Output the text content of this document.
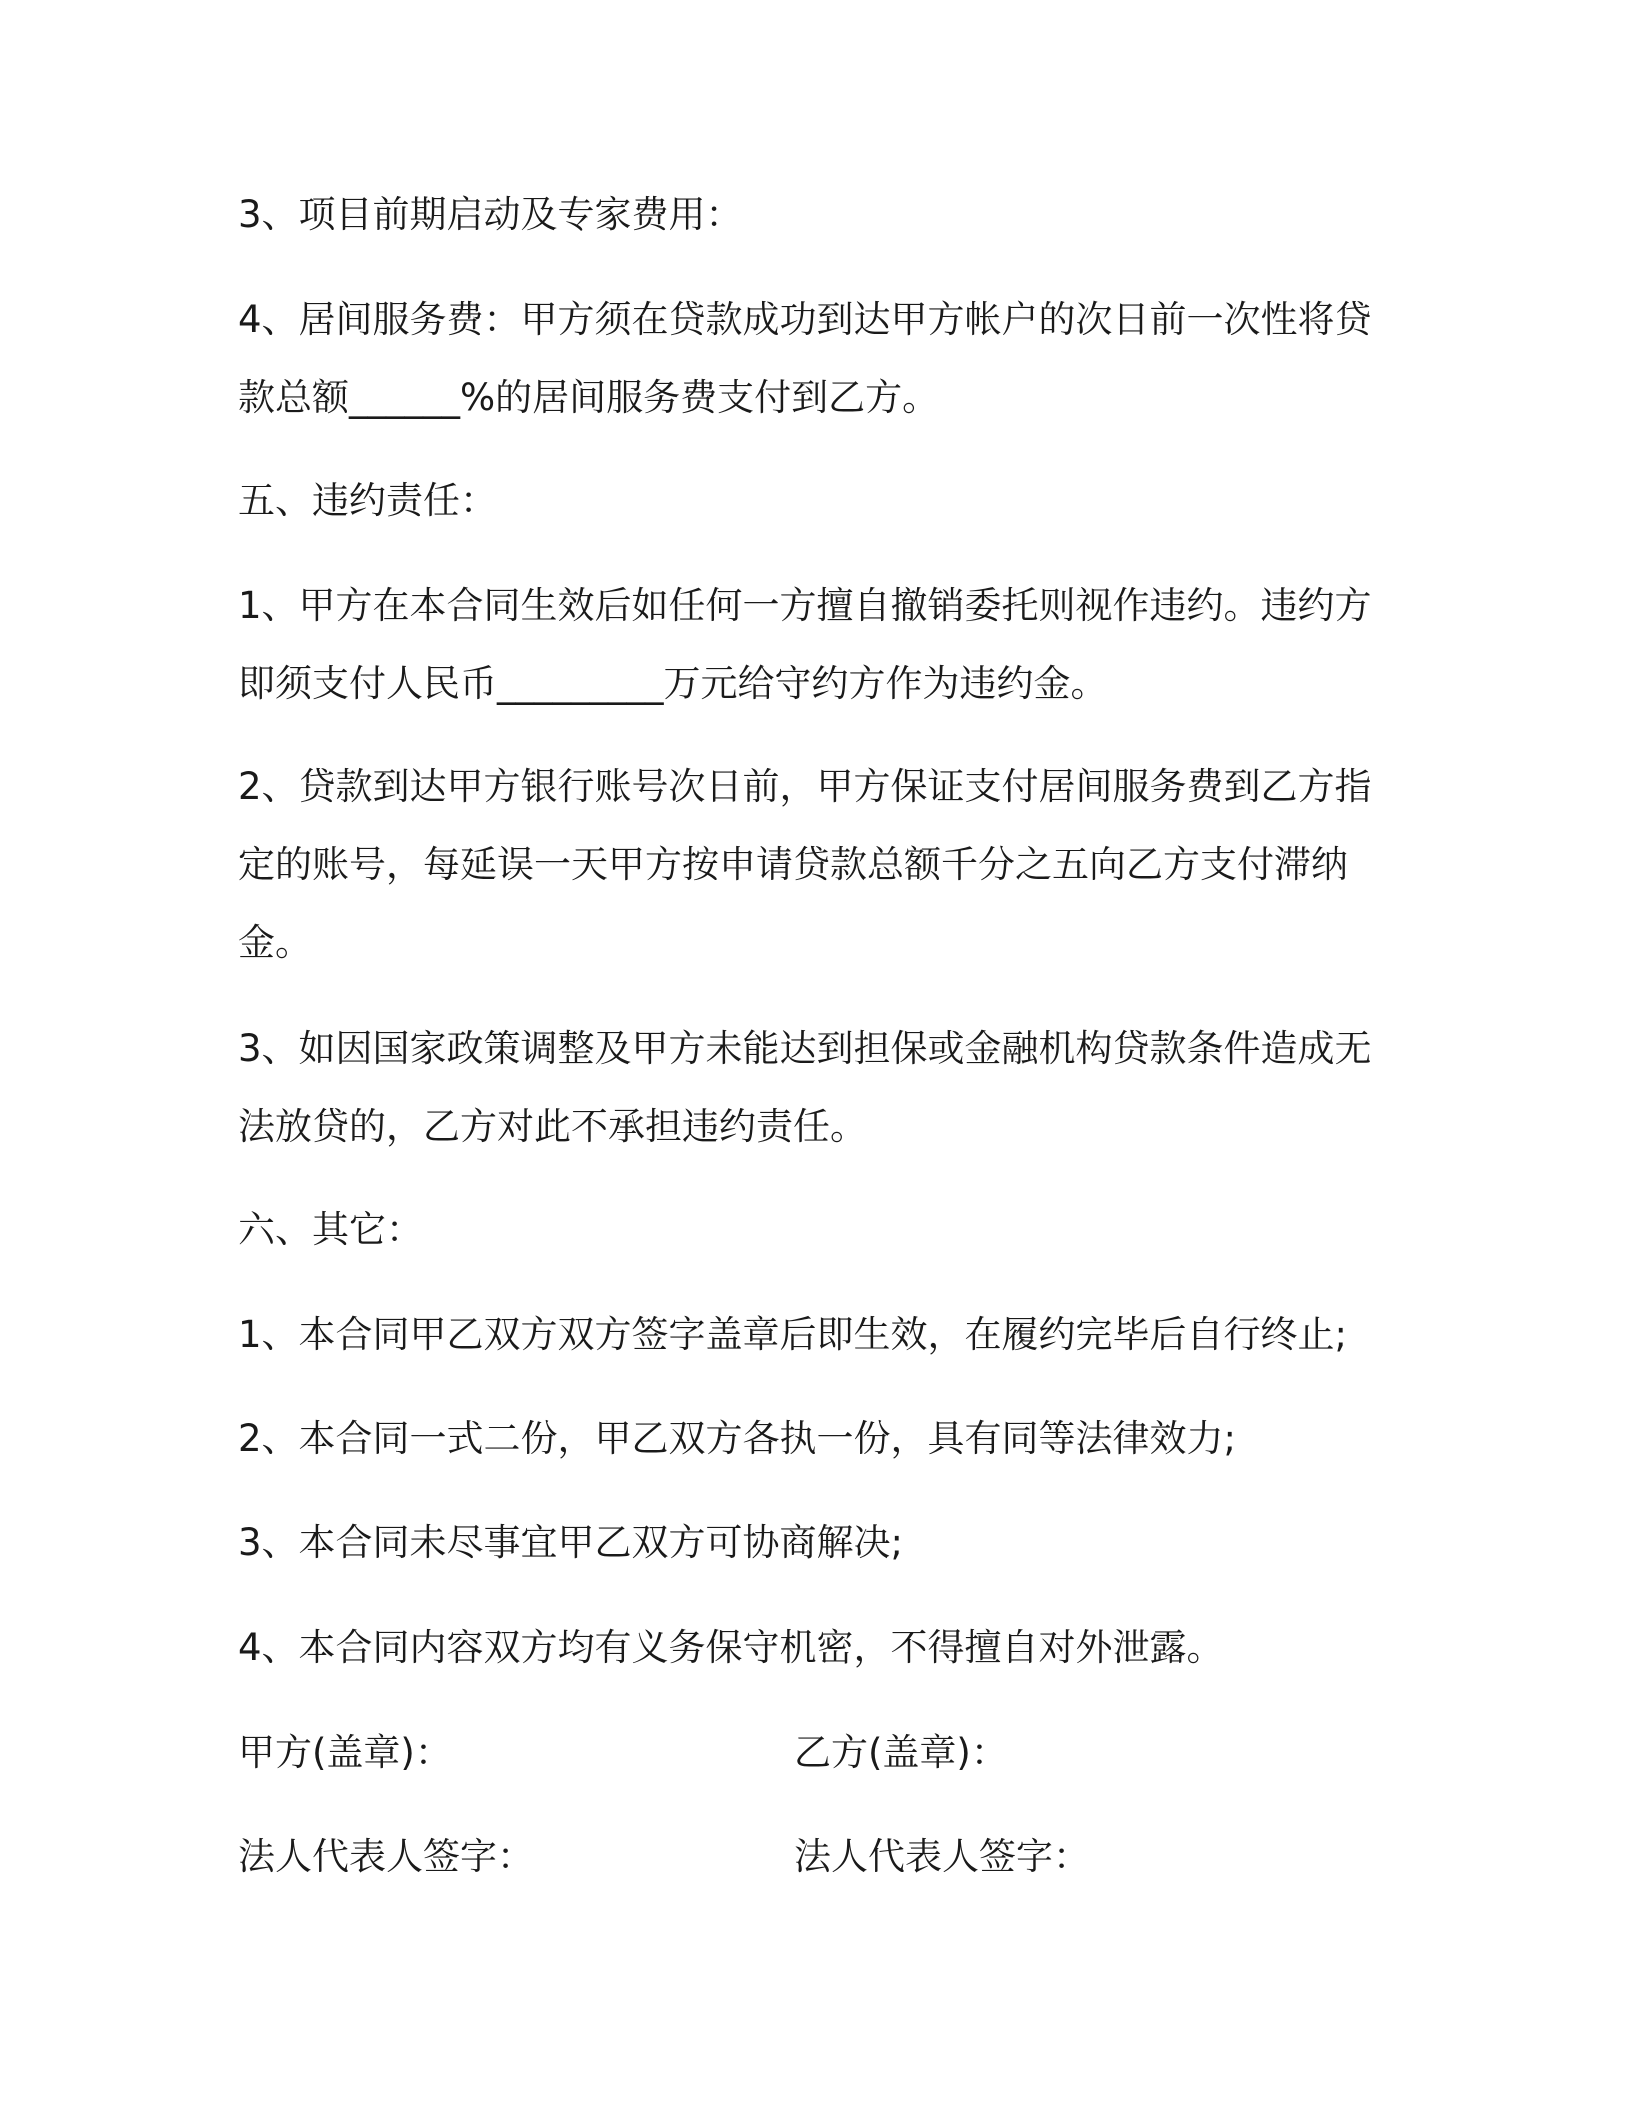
3、项目前期启动及专家费用：
4、居间服务费：甲方须在贷款成功到达甲方帐户的次日前一次性将贷
款总额______%的居间服务费支付到乙方。
五、违约责任：
1、甲方在本合同生效后如任何一方擅自撤销委托则视作违约。违约方
即须支付人民币_________万元给守约方作为违约金。
2、贷款到达甲方银行账号次日前，甲方保证支付居间服务费到乙方指
定的账号，每延误一天甲方按申请贷款总额千分之五向乙方支付滞纳
金。
3、如因国家政策调整及甲方未能达到担保或金融机构贷款条件造成无
法放贷的，乙方对此不承担违约责任。
六、其它：
1、本合同甲乙双方双方签字盖章后即生效，在履约完毕后自行终止;
2、本合同一式二份，甲乙双方各执一份，具有同等法律效力;
3、本合同未尽事宜甲乙双方可协商解决;
4、本合同内容双方均有义务保守机密，不得擅自对外泄露。
甲方(盖章)：	乙方(盖章)：
法人代表人签字：	法人代表人签字：
